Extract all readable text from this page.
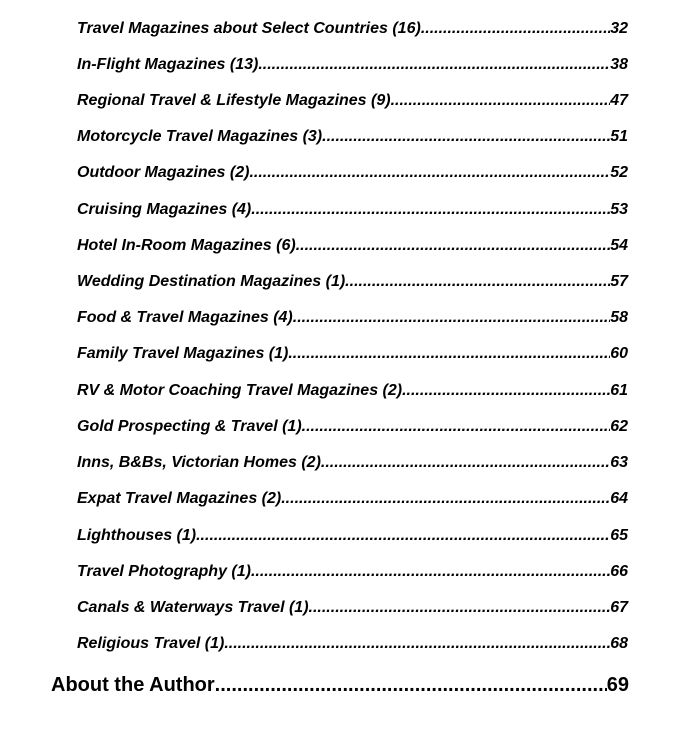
Travel Magazines about Select Countries (16) .....	32
In-Flight Magazines (13) .....	38
Regional Travel & Lifestyle Magazines (9) .....	47
Motorcycle Travel Magazines (3) .....	51
Outdoor Magazines (2) .....	52
Cruising Magazines (4) .....	53
Hotel In-Room Magazines (6) .....	54
Wedding Destination Magazines (1) .....	57
Food & Travel Magazines (4) .....	58
Family Travel Magazines (1) .....	60
RV & Motor Coaching Travel Magazines (2) .....	61
Gold Prospecting & Travel (1) .....	62
Inns, B&Bs, Victorian Homes (2) .....	63
Expat Travel Magazines (2) .....	64
Lighthouses (1) .....	65
Travel Photography (1) .....	66
Canals & Waterways Travel (1) .....	67
Religious Travel (1) .....	68
About the Author .....	69
